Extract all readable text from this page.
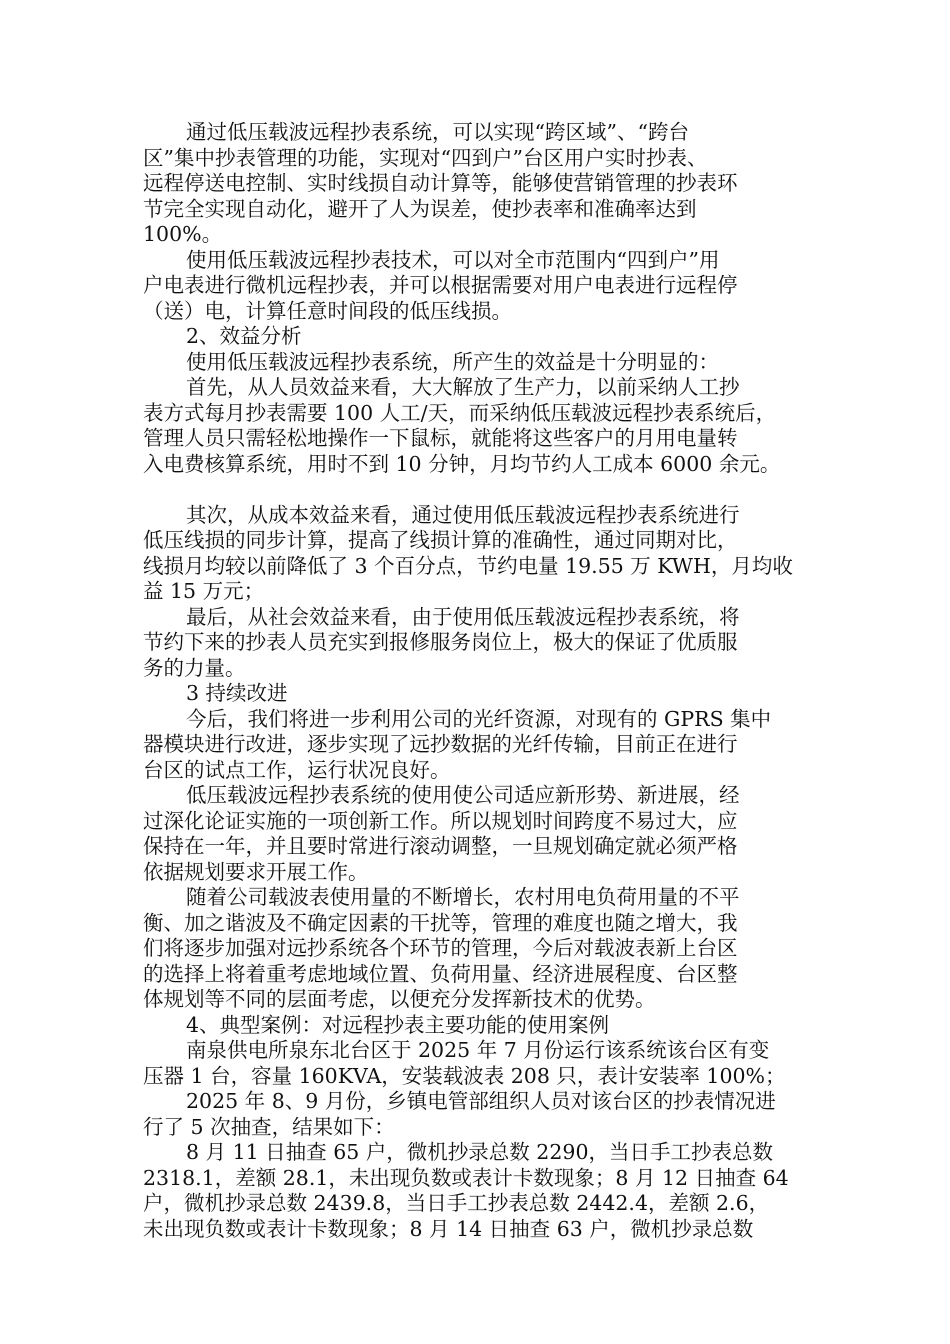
通过低压载波远程抄表系统，可以实现“跨区域”、“跨台
区”集中抄表管理的功能，实现对“四到户”台区用户实时抄表、
远程停送电控制、实时线损自动计算等，能够使营销管理的抄表环
节完全实现自动化，避开了人为误差，使抄表率和准确率达到
100%。
使用低压载波远程抄表技术，可以对全市范围内“四到户”用
户电表进行微机远程抄表，并可以根据需要对用户电表进行远程停
（送）电，计算任意时间段的低压线损。
2、效益分析
使用低压载波远程抄表系统，所产生的效益是十分明显的：
首先，从人员效益来看，大大解放了生产力，以前采纳人工抄
表方式每月抄表需要 100 人工/天，而采纳低压载波远程抄表系统后，
管理人员只需轻松地操作一下鼠标，就能将这些客户的月用电量转
入电费核算系统，用时不到 10 分钟，月均节约人工成本 6000 余元。
其次，从成本效益来看，通过使用低压载波远程抄表系统进行
低压线损的同步计算，提高了线损计算的准确性，通过同期对比，
线损月均较以前降低了 3 个百分点，节约电量 19.55 万 KWH，月均收
益 15 万元；
最后，从社会效益来看，由于使用低压载波远程抄表系统，将
节约下来的抄表人员充实到报修服务岗位上，极大的保证了优质服
务的力量。
3 持续改进
今后，我们将进一步利用公司的光纤资源，对现有的 GPRS 集中
器模块进行改进，逐步实现了远抄数据的光纤传输，目前正在进行
台区的试点工作，运行状况良好。
低压载波远程抄表系统的使用使公司适应新形势、新进展，经
过深化论证实施的一项创新工作。所以规划时间跨度不易过大，应
保持在一年，并且要时常进行滚动调整，一旦规划确定就必须严格
依据规划要求开展工作。
随着公司载波表使用量的不断增长，农村用电负荷用量的不平
衡、加之谐波及不确定因素的干扰等，管理的难度也随之增大，我
们将逐步加强对远抄系统各个环节的管理，今后对载波表新上台区
的选择上将着重考虑地域位置、负荷用量、经济进展程度、台区整
体规划等不同的层面考虑，以便充分发挥新技术的优势。
4、典型案例：对远程抄表主要功能的使用案例
南泉供电所泉东北台区于 2025 年 7 月份运行该系统该台区有变
压器 1 台，容量 160KVA，安装载波表 208 只，表计安装率 100%；
2025 年 8、9 月份，乡镇电管部组织人员对该台区的抄表情况进
行了 5 次抽查，结果如下：
8 月 11 日抽查 65 户，微机抄录总数 2290，当日手工抄表总数
2318.1，差额 28.1，未出现负数或表计卡数现象；8 月 12 日抽查 64
户，微机抄录总数 2439.8，当日手工抄表总数 2442.4，差额 2.6，
未出现负数或表计卡数现象；8 月 14 日抽查 63 户，微机抄录总数
